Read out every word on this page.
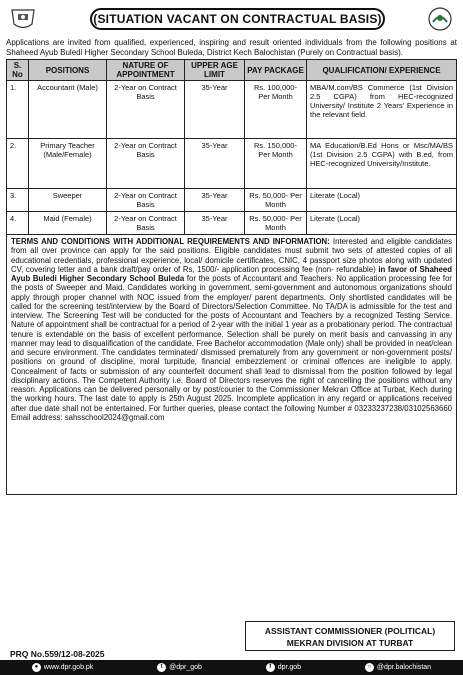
(SITUATION VACANT ON CONTRACTUAL BASIS)

Applications are invited from qualified, experienced, inspiring and result oriented individuals from the following positions at Shaheed Ayub Buledi Higher Secondary School Buleda, District Kech Balochistan (Purely on Contractual basis).

S. No	POSITIONS	NATURE OF APPOINTMENT	UPPER AGE LIMIT	PAY PACKAGE	QUALIFICATION/ EXPERIENCE
1.	Accountant (Male)	2-Year on Contract Basis	35-Year	Rs. 100,000- Per Month	MBA/M.com/BS Commerce (1st Division 2.5 CGPA) from HEC-recognized University/ Institute 2 Years' Experience in the relevant field.
2.	Primary Teacher (Male/Female)	2-Year on Contract Basis	35-Year	Rs. 150,000- Per Month	MA Education/B.Ed Hons or Msc/MA/BS (1st Division 2.5 CGPA) with B.ed, from HEC-recognized University/Institute.
3.	Sweeper	2-Year on Contract Basis	35-Year	Rs. 50,000- Per Month	Literate (Local)
4.	Maid (Female)	2-Year on Contract Basis	35-Year	Rs. 50,000- Per Month	Literate (Local)
TERMS AND CONDITIONS WITH ADDITIONAL REQUIREMENTS AND INFORMATION: Interested and eligible candidates from all over province can apply for the said positions. Eligible candidates must submit two sets of attested copies of all educational credentials, professional experience, local/ domicile certificates, CNIC, 4 passport size photos along with updated CV, covering letter and a bank draft/pay order of Rs, 1500/- application processing fee (non- refundable) in favor of Shaheed Ayub Buledi Higher Secondary School Buleda for the posts of Accountant and Teachers. No application processing fee for the posts of Sweeper and Maid. Candidates working in government, semi-government and autonomous organizations should apply through proper channel with NOC issued from the employer/ parent departments. Only shortlisted candidates will be called for the screening test/interview by the Board of Directors/Selection Committee. No TA/DA is admissible for the test and interview. The Screening Test will be conducted for the posts of Accountant and Teachers by a recognized Testing Service. Nature of appointment shall be contractual for a period of 2-year with the initial 1 year as a probationary period. The contractual tenure is extendable on the basis of excellent performance. Selection shall be purely on merit basis and canvassing in any manner may lead to disqualification of the candidate. Free Bachelor accommodation (Male only) shall be provided in neat/clean and secure environment. The candidates terminated/ dismissed prematurely from any government or non-government posts/ positions on ground of discipline, moral turpitude, financial embezzlement or criminal offences are ineligible to apply. Concealment of facts or submission of any counterfeit document shall lead to dismissal from the position followed by legal disciplinary actions. The Competent Authority i.e. Board of Directors reserves the right of cancelling the positions without any reason. Applications can be delivered personally or by post/courier to the Commissioner Mekran Office at Turbat, Kech during the working hours. The last date to apply is 25th August 2025. Incomplete application in any regard or applications received after due date shall not be entertained. For further queries, please contact the following Number # 03233237238/03102563660 Email address: sahsschool2024@gmail.com
ASSISTANT COMMISSIONER (POLITICAL)
MEKRAN DIVISION AT TURBAT
PRQ No.559/12-08-2025
● www.dpr.gob.pk	t @dpr_gob	f dpr.gob	○ @dpr.balochistan
